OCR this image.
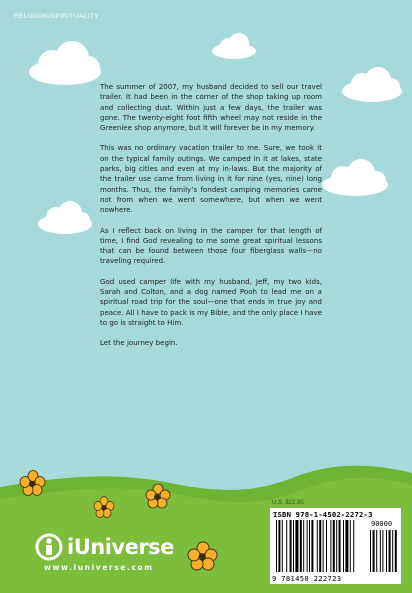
RELIGION/SPIRITUALITY

The summer of 2007, my husband decided to sell our travel trailer. It had been in the corner of the shop taking up room and collecting dust. Within just a few days, the trailer was gone. The twenty-eight foot fifth wheel may not reside in the Greenlee shop anymore, but it will forever be in my memory.

This was no ordinary vacation trailer to me. Sure, we took it on the typical family outings. We camped in it at lakes, state parks, big cities and even at my in-laws. But the majority of the trailer use came from living in it for nine (yes, nine) long months. Thus, the family’s fondest camping memories came not from when we went somewhere, but when we went nowhere.

As I reflect back on living in the camper for that length of time, I find God revealing to me some great spiritual lessons that can be found between those four fiberglass walls—no traveling required.

God used camper life with my husband, Jeff, my two kids, Sarah and Colton, and a dog named Pooh to lead me on a spiritual road trip for the soul—one that ends in true joy and peace. All I have to pack is my Bible, and the only place I have to go is straight to Him.

Let the journey begin.

iUniverse
www.iuniverse.com
U.S. $22.95
ISBN 978-1-4502-2272-3
90000
9 781450 222723
